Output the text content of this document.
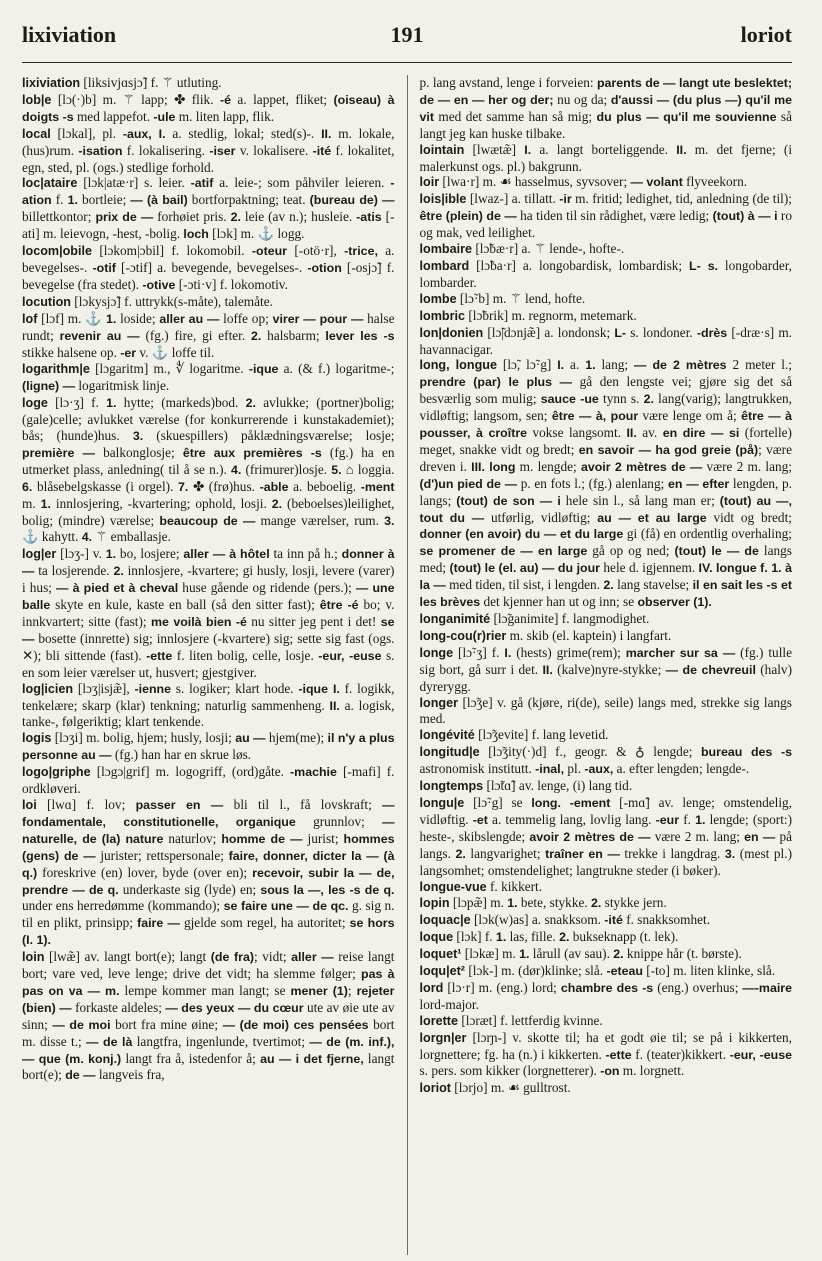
lixiviation	191	loriot

lixiviation [liksivjɑsjɔ̃] f. ⚚ utluting.

lob|e [lɔ(·)b] m. ⚚ lapp; ✤ flik. -é a. lappet, fliket; (oiseau) à doigts -s med lappefot. -ule m. liten lapp, flik.

local [lɔkal], pl. -aux, I. a. stedlig, lokal; sted(s)-. II. m. lokale, (hus)rum. -isation f. lokalisering. -iser v. lokalisere. -ité f. lokalitet, egn, sted, pl. (ogs.) stedlige forhold.

loc|ataire [lɔk|atæ·r] s. leier. -atif a. leie-; som påhviler leieren. -ation f. 1. bortleie; — (à bail) bortforpaktning; teat. (bureau de) — billettkontor; prix de — forhøiet pris. 2. leie (av n.); husleie. -atis [-ati] m. leievogn, -hest, -bolig. loch [lɔk] m. ⚓ logg.

locom|obile [lɔkom|ɔbil] f. lokomobil. -oteur [-otö·r], -trice, a. bevegelses-. -otif [-ɔtif] a. bevegende, bevegelses-. -otion [-osjɔ̃] f. bevegelse (fra stedet). -otive [-ɔti·v] f. lokomotiv.

locution [lɔkysjɔ̃] f. uttrykk(s-måte), talemåte.

lof [lɔf] m. ⚓ 1. loside; aller au — loffe op; virer — pour — halse rundt; revenir au — (fg.) fire, gi efter. 2. halsbarm; lever les -s stikke halsene op. -er v. ⚓ loffe til.

logarithm|e [lɔgaritm] m., ∜ logaritme. -ique a. (& f.) logaritme-; (ligne) — logaritmisk linje.

loge [lɔ·ʒ] f. 1. hytte; (markeds)bod. 2. avlukke; (portner)bolig; (gale)celle; avlukket værelse (for konkurrerende i kunstakademiet); bås; (hunde)hus. 3. (skuespillers) påklædningsværelse; losje; première — balkonglosje; être aux premières -s (fg.) ha en utmerket plass, anledning( til å se n.). 4. (frimurer)losje. 5. ⌂ loggia. 6. blåsebelgskasse (i orgel). 7. ✤ (frø)hus. -able a. beboelig. -ment m. 1. innlosjering, -kvartering; ophold, losji. 2. (beboelses)leilighet, bolig; (mindre) værelse; beaucoup de — mange værelser, rum. 3. ⚓ kahytt. 4. ⚚ emballasje.

log|er [lɔʒ-] v. 1. bo, losjere; aller — à hôtel ta inn på h.; donner à — ta losjerende. 2. innlosjere, -kvartere; gi husly, losji, levere (varer) i hus; — à pied et à cheval huse gående og ridende (pers.); — une balle skyte en kule, kaste en ball (så den sitter fast); être -é bo; v. innkvartert; sitte (fast); me voilà bien -é nu sitter jeg pent i det! se — bosette (innrette) sig; innlosjere (-kvartere) sig; sette sig fast (ogs. ✕); bli sittende (fast). -ette f. liten bolig, celle, losje. -eur, -euse s. en som leier værelser ut, husvert; gjestgiver.

log|icien [lɔʒ|isjæ̃], -ienne s. logiker; klart hode. -ique I. f. logikk, tenkelære; skarp (klar) tenkning; naturlig sammenheng. II. a. logisk, tanke-, følgeriktig; klart tenkende.

logis [lɔʒi] m. bolig, hjem; husly, losji; au — hjem(me); il n'y a plus personne au — (fg.) han har en skrue løs.

logo|griphe [lɔgɔ|grif] m. logogriff, (ord)gåte. -machie [-mafi] f. ordkløveri.

loi [lwɑ] f. lov; passer en — bli til l., få lovskraft; — fondamentale, constitutionelle, organique grunnlov; — naturelle, de (la) nature naturlov; homme de — jurist; hommes (gens) de — jurister; rettspersonale; faire, donner, dicter la — (à q.) foreskrive (en) lover, byde (over en); recevoir, subir la — de, prendre — de q. underkaste sig (lyde) en; sous la —, les -s de q. under ens herredømme (kommando); se faire une — de qc. g. sig n. til en plikt, prinsipp; faire — gjelde som regel, ha autoritet; se hors (I. 1).

loin [lwæ̃] av. langt bort(e); langt (de fra); vidt; aller — reise langt bort; vare ved, leve lenge; drive det vidt; ha slemme følger; pas à pas on va — m. lempe kommer man langt; se mener (1); rejeter (bien) — forkaste aldeles; — des yeux — du cœur ute av øie ute av sinn; — de moi bort fra mine øine; — (de moi) ces pensées bort m. disse t.; — de là langtfra, ingenlunde, tvertimot; — de (m. inf.), — que (m. konj.) langt fra å, istedenfor å; au — i det fjerne, langt bort(e); de — langveis fra,

p. lang avstand, lenge i forveien: parents de — langt ute beslektet; de — en — her og der; nu og da; d'aussi — (du plus —) qu'il me vit med det samme han så mig; du plus — qu'il me souvienne så langt jeg kan huske tilbake.

lointain [lwætæ̃] I. a. langt borteliggende. II. m. det fjerne; (i malerkunst ogs. pl.) bakgrunn.

loir [lwa·r] m. ☙ hasselmus, syvsover; — volant flyveekorn.

lois|ible [lwaz-] a. tillatt. -ir m. fritid; ledighet, tid, anledning (de til); être (plein) de — ha tiden til sin rådighet, være ledig; (tout) à — i ro og mak, ved leilighet.

lombaire [lɔ̃bæ·r] a. ⚚ lende-, hofte-.

lombard [lɔ̃ba·r] a. longobardisk, lombardisk; L- s. longobarder, lombarder.

lombe [lɔ̃·b] m. ⚚ lend, hofte.

lombric [lɔ̃brik] m. regnorm, metemark.

lon|donien [lɔ̃|dɔnjæ̃] a. londonsk; L- s. londoner. -drès [-dræ·s] m. havannacigar.

long, longue [lɔ̃, lɔ̃·g] I. a. 1. lang; — de 2 mètres 2 meter l.; prendre (par) le plus — gå den lengste vei; gjøre sig det så besværlig som mulig; sauce -ue tynn s. 2. lang(varig); langtrukken, vidløftig; langsom, sen; être — à, pour være lenge om å; être — à pousser, à croître vokse langsomt. II. av. en dire — si (fortelle) meget, snakke vidt og bredt; en savoir — ha god greie (på); være dreven i. III. long m. lengde; avoir 2 mètres de — være 2 m. lang; (d')un pied de — p. en fots l.; (fg.) alenlang; en — efter lengden, p. langs; (tout) de son — i hele sin l., så lang man er; (tout) au —, tout du — utførlig, vidløftig; au — et au large vidt og bredt; donner (en avoir) du — et du large gi (få) en ordentlig overhaling; se promener de — en large gå op og ned; (tout) le — de langs med; (tout) le (el. au) — du jour hele d. igjennem. IV. longue f. 1. à la — med tiden, til sist, i lengden. 2. lang stavelse; il en sait les -s et les brèves det kjenner han ut og inn; se observer (1).

longanimité [lɔ̃ganimite] f. langmodighet.

long-cou(r)rier m. skib (el. kaptein) i langfart.

longe [lɔ̃·ʒ] f. I. (hests) grime(rem); marcher sur sa — (fg.) tulle sig bort, gå surr i det. II. (kalve)nyre-stykke; — de chevreuil (halv) dyrerygg.

longer [lɔ̃ʒe] v. gå (kjøre, ri(de), seile) langs med, strekke sig langs med.

longévité [lɔ̃ʒevite] f. lang levetid.

longitud|e [lɔ̃ʒity(·)d] f., geogr. & ♁ lengde; bureau des -s astronomisk institutt. -inal, pl. -aux, a. efter lengden; lengde-.

longtemps [lɔ̃tɑ̃] av. lenge, (i) lang tid.

longu|e [lɔ̃·g] se long. -ement [-mɑ̃] av. lenge; omstendelig, vidløftig. -et a. temmelig lang, lovlig lang. -eur f. 1. lengde; (sport:) heste-, skibslengde; avoir 2 mètres de — være 2 m. lang; en — på langs. 2. langvarighet; traîner en — trekke i langdrag. 3. (mest pl.) langsomhet; omstendelighet; langtrukne steder (i bøker).

longue-vue f. kikkert.

lopin [lɔpæ̃] m. 1. bete, stykke. 2. stykke jern.

loquac|e [lɔk(w)as] a. snakksom. -ité f. snakksomhet.

loque [lɔk] f. 1. las, fille. 2. bukseknapp (t. lek).

loquet¹ [lɔkæ] m. 1. lårull (av sau). 2. knippe hår (t. børste).

loqu|et² [lɔk-] m. (dør)klinke; slå. -eteau [-to] m. liten klinke, slå.

lord [lɔ·r] m. (eng.) lord; chambre des -s (eng.) overhus; —-maire lord-major.

lorette [lɔræt] f. lettferdig kvinne.

lorgn|er [lɔrɲ-] v. skotte til; ha et godt øie til; se på i kikkerten, lorgnettere; fg. ha (n.) i kikkerten. -ette f. (teater)kikkert. -eur, -euse s. pers. som kikker (lorgnetterer). -on m. lorgnett.

loriot [lɔrjo] m. ☙ gulltrost.
